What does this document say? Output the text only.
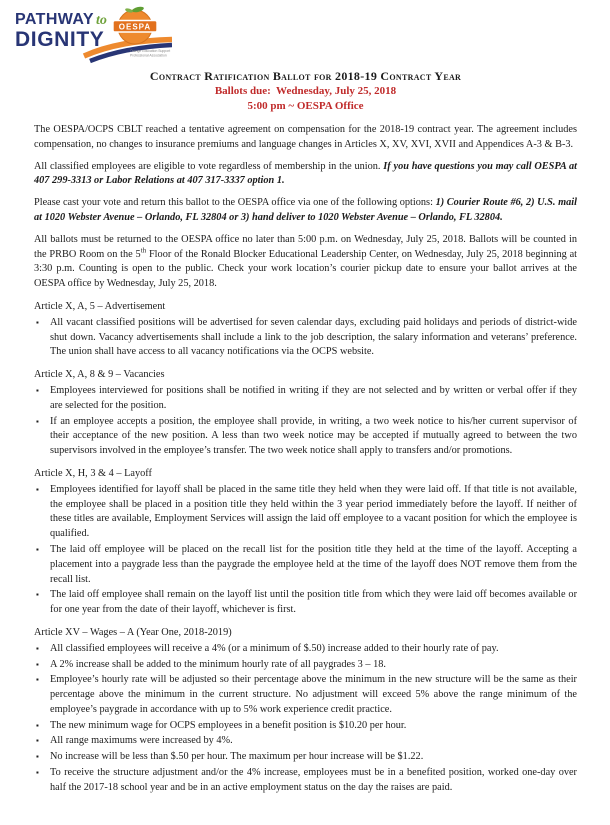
PATHWAY to
DIGNITY
OESPA
Orange Education Support
Professional Association
Contract Ratification Ballot for 2018-19 Contract Year
Ballots due:  Wednesday, July 25, 2018
5:00 pm ~ OESPA Office

The OESPA/OCPS CBLT reached a tentative agreement on compensation for the 2018-19 contract year. The agreement includes compensation, no changes to insurance premiums and language changes in Articles X, XV, XVI, XVII and Appendices A-3 & B-3.

All classified employees are eligible to vote regardless of membership in the union. If you have questions you may call OESPA at 407 299-3313 or Labor Relations at 407 317-3337 option 1.

Please cast your vote and return this ballot to the OESPA office via one of the following options: 1) Courier Route #6, 2) U.S. mail at 1020 Webster Avenue – Orlando, FL 32804 or 3) hand deliver to 1020 Webster Avenue – Orlando, FL 32804.

All ballots must be returned to the OESPA office no later than 5:00 p.m. on Wednesday, July 25, 2018. Ballots will be counted in the PRBO Room on the 5th Floor of the Ronald Blocker Educational Leadership Center, on Wednesday, July 25, 2018 beginning at 3:30 p.m. Counting is open to the public. Check your work location’s courier pickup date to ensure your ballot arrives at the OESPA office by Wednesday, July 25, 2018.

Article X, A, 5 – Advertisement
▪ All vacant classified positions will be advertised for seven calendar days, excluding paid holidays and periods of district-wide shut down. Vacancy advertisements shall include a link to the job description, the salary information and veterans’ preference. The union shall have access to all vacancy notifications via the OCPS website.
Article X, A, 8 & 9 – Vacancies
▪ Employees interviewed for positions shall be notified in writing if they are not selected and by written or verbal offer if they are selected for the position.
▪ If an employee accepts a position, the employee shall provide, in writing, a two week notice to his/her current supervisor of their acceptance of the new position. A less than two week notice may be accepted if mutually agreed to between the two supervisors involved in the employee’s transfer. The two week notice shall apply to transfers and/or promotions.
Article X, H, 3 & 4 – Layoff
▪ Employees identified for layoff shall be placed in the same title they held when they were laid off. If that title is not available, the employee shall be placed in a position title they held within the 3 year period immediately before the layoff. If neither of these titles are available, Employment Services will assign the laid off employee to a vacant position for which the employee is qualified.
▪ The laid off employee will be placed on the recall list for the position title they held at the time of the layoff. Accepting a placement into a paygrade less than the paygrade the employee held at the time of the layoff does NOT remove them from the recall list.
▪ The laid off employee shall remain on the layoff list until the position title from which they were laid off becomes available or for one year from the date of their layoff, whichever is first.
Article XV – Wages – A (Year One, 2018-2019)
▪ All classified employees will receive a 4% (or a minimum of $.50) increase added to their hourly rate of pay.
▪ A 2% increase shall be added to the minimum hourly rate of all paygrades 3 – 18.
▪ Employee’s hourly rate will be adjusted so their percentage above the minimum in the new structure will be the same as their percentage above the minimum in the current structure. No adjustment will exceed 5% above the range minimum of the employee’s paygrade in accordance with up to 5% work experience credit practice.
▪ The new minimum wage for OCPS employees in a benefit position is $10.20 per hour.
▪ All range maximums were increased by 4%.
▪ No increase will be less than $.50 per hour. The maximum per hour increase will be $1.22.
▪ To receive the structure adjustment and/or the 4% increase, employees must be in a benefited position, worked one-day over half the 2017-18 school year and be in an active employment status on the day the raises are paid.
